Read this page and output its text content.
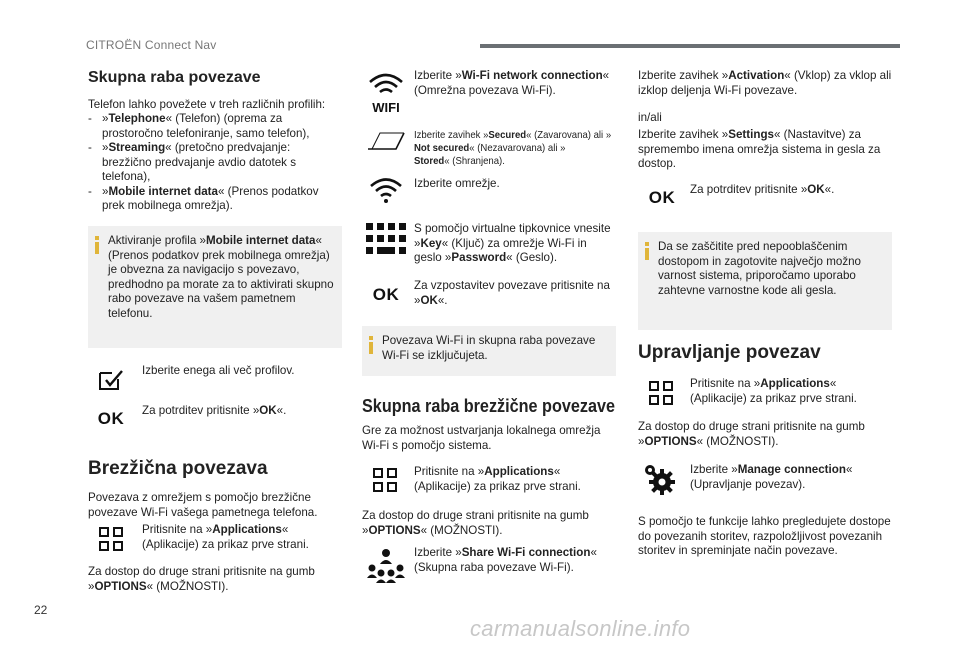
CITROËN Connect Nav
Skupna raba povezave

Telefon lahko povežete v treh različnih profilih:

- »Telephone« (Telefon) (oprema za prostoročno telefoniranje, samo telefon),
- »Streaming« (pretočno predvajanje: brezžično predvajanje avdio datotek s telefona),
- »Mobile internet data« (Prenos podatkov prek mobilnega omrežja).

Aktiviranje profila »Mobile internet data« (Prenos podatkov prek mobilnega omrežja) je obvezna za navigacijo s povezavo, predhodno pa morate za to aktivirati skupno rabo povezave na vašem pametnem telefonu.

Izberite enega ali več profilov.

OK	Za potrditev pritisnite »OK«.

Brezžična povezava

Povezava z omrežjem s pomočjo brezžične povezave Wi-Fi vašega pametnega telefona.

Pritisnite na »Applications« (Aplikacije) za prikaz prve strani.

Za dostop do druge strani pritisnite na gumb »OPTIONS« (MOŽNOSTI).

WIFI

Izberite »Wi-Fi network connection« (Omrežna povezava Wi-Fi).

Izberite zavihek »Secured« (Zavarovana) ali »
Not secured« (Nezavarovana) ali »
Stored« (Shranjena).

Izberite omrežje.

S pomočjo virtualne tipkovnice vnesite »Key« (Ključ) za omrežje Wi-Fi in geslo »Password« (Geslo).

OK	Za vzpostavitev povezave pritisnite na »OK«.

Povezava Wi-Fi in skupna raba povezave Wi-Fi se izključujeta.

Skupna raba brezžične povezave

Gre za možnost ustvarjanja lokalnega omrežja Wi-Fi s pomočjo sistema.

Pritisnite na »Applications« (Aplikacije) za prikaz prve strani.

Za dostop do druge strani pritisnite na gumb »OPTIONS« (MOŽNOSTI).

Izberite »Share Wi-Fi connection« (Skupna raba povezave Wi-Fi).

Izberite zavihek »Activation« (Vklop) za vklop ali izklop deljenja Wi-Fi povezave.

in/ali

Izberite zavihek »Settings« (Nastavitve) za spremembo imena omrežja sistema in gesla za dostop.

OK	Za potrditev pritisnite »OK«.

Da se zaščitite pred nepooblaščenim dostopom in zagotovite največjo možno varnost sistema, priporočamo uporabo zahtevne varnostne kode ali gesla.

Upravljanje povezav

Pritisnite na »Applications« (Aplikacije) za prikaz prve strani.

Za dostop do druge strani pritisnite na gumb »OPTIONS« (MOŽNOSTI).

Izberite »Manage connection« (Upravljanje povezav).

S pomočjo te funkcije lahko pregledujete dostope do povezanih storitev, razpoložljivost povezanih storitev in spreminjate način povezave.

22
carmanualsonline.info
